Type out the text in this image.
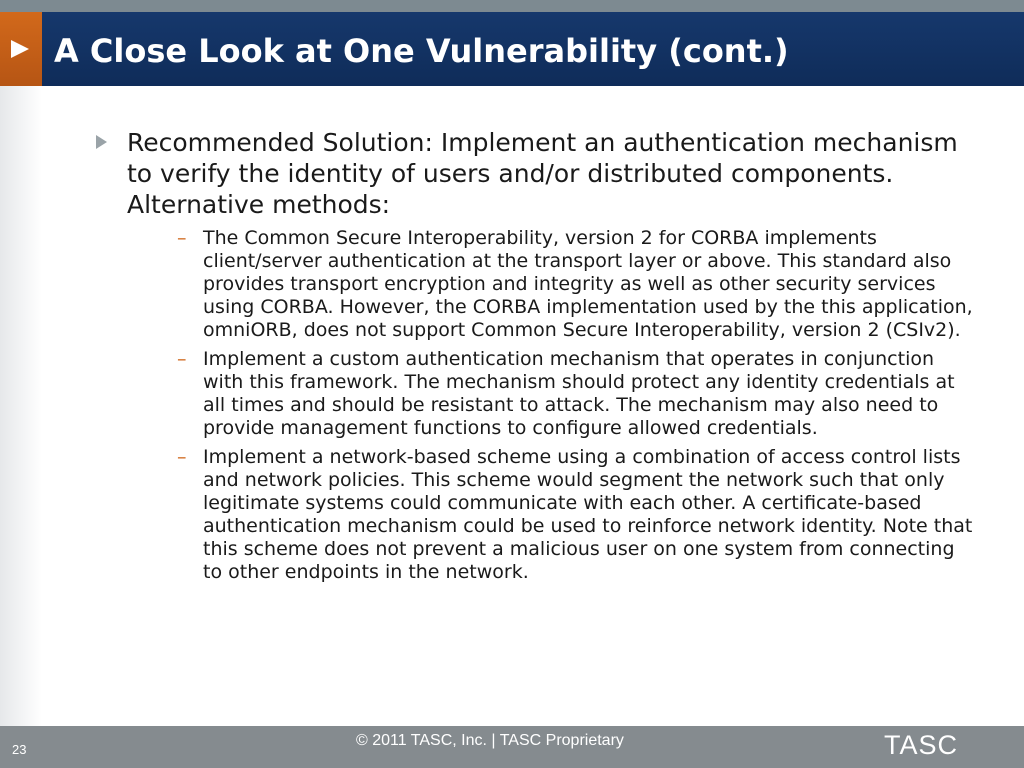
A Close Look at One Vulnerability (cont.)
Recommended Solution: Implement an authentication mechanism to verify the identity of users and/or distributed components. Alternative methods:
– The Common Secure Interoperability, version 2 for CORBA implements client/server authentication at the transport layer or above. This standard also provides transport encryption and integrity as well as other security services using CORBA. However, the CORBA implementation used by the this application, omniORB, does not support Common Secure Interoperability, version 2 (CSIv2).
– Implement a custom authentication mechanism that operates in conjunction with this framework. The mechanism should protect any identity credentials at all times and should be resistant to attack. The mechanism may also need to provide management functions to configure allowed credentials.
– Implement a network-based scheme using a combination of access control lists and network policies. This scheme would segment the network such that only legitimate systems could communicate with each other. A certificate-based authentication mechanism could be used to reinforce network identity. Note that this scheme does not prevent a malicious user on one system from connecting to other endpoints in the network.
23
© 2011 TASC, Inc. | TASC Proprietary	TASC
